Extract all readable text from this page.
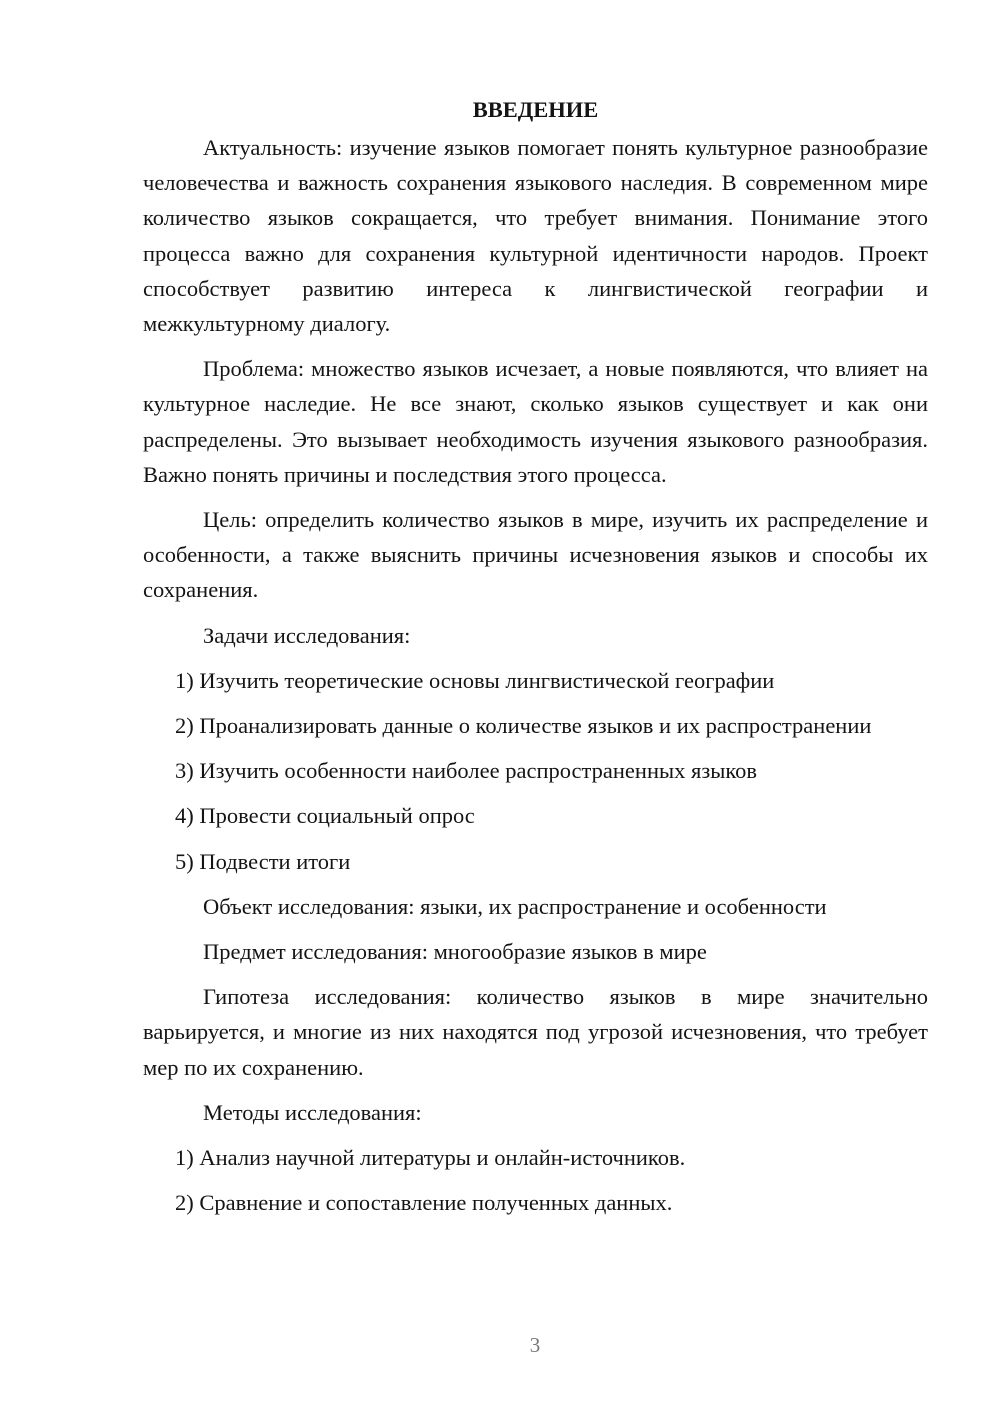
ВВЕДЕНИЕ

Актуальность: изучение языков помогает понять культурное разнообразие человечества и важность сохранения языкового наследия. В современном мире количество языков сокращается, что требует внимания. Понимание этого процесса важно для сохранения культурной идентичности народов. Проект способствует развитию интереса к лингвистической географии и межкультурному диалогу.

Проблема: множество языков исчезает, а новые появляются, что влияет на культурное наследие. Не все знают, сколько языков существует и как они распределены. Это вызывает необходимость изучения языкового разнообразия. Важно понять причины и последствия этого процесса.

Цель: определить количество языков в мире, изучить их распределение и особенности, а также выяснить причины исчезновения языков и способы их сохранения.

Задачи исследования:

1) Изучить теоретические основы лингвистической географии

2) Проанализировать данные о количестве языков и их распространении

3) Изучить особенности наиболее распространенных языков

4) Провести социальный опрос

5) Подвести итоги

Объект исследования: языки, их распространение и особенности

Предмет исследования: многообразие языков в мире

Гипотеза исследования: количество языков в мире значительно варьируется, и многие из них находятся под угрозой исчезновения, что требует мер по их сохранению.

Методы исследования:

1) Анализ научной литературы и онлайн-источников.

2) Сравнение и сопоставление полученных данных.

3
